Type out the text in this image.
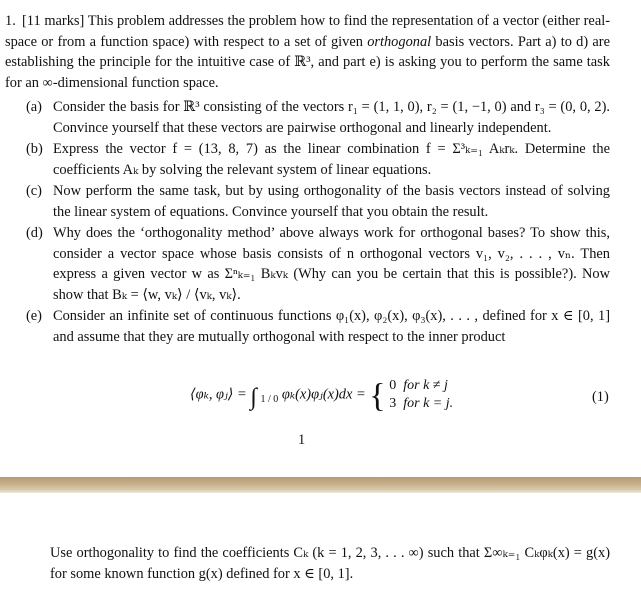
1. [11 marks] This problem addresses the problem how to find the representation of a vector (either real-space or from a function space) with respect to a set of given orthogonal basis vectors. Part a) to d) are establishing the principle for the intuitive case of ℝ³, and part e) is asking you to perform the same task for an ∞-dimensional function space.
(a) Consider the basis for ℝ³ consisting of the vectors r₁ = (1, 1, 0), r₂ = (1, −1, 0) and r₃ = (0, 0, 2). Convince yourself that these vectors are pairwise orthogonal and linearly independent.
(b) Express the vector f = (13, 8, 7) as the linear combination f = Σ³ₖ₌₁ Aₖrₖ. Determine the coefficients Aₖ by solving the relevant system of linear equations.
(c) Now perform the same task, but by using orthogonality of the basis vectors instead of solving the linear system of equations. Convince yourself that you obtain the result.
(d) Why does the ‘orthogonality method’ above always work for orthogonal bases? To show this, consider a vector space whose basis consists of n orthogonal vectors v₁, v₂, . . . , vₙ. Then express a given vector w as Σⁿₖ₌₁ Bₖvₖ (Why can you be certain that this is possible?). Now show that Bₖ = ⟨w, vₖ⟩ / ⟨vₖ, vₖ⟩.
(e) Consider an infinite set of continuous functions φ₁(x), φ₂(x), φ₃(x), . . . , defined for x ∈ [0, 1] and assume that they are mutually orthogonal with respect to the inner product
⟨φₖ, φⱼ⟩ = ∫ $_{1 / 0}$ φₖ(x)φⱼ(x)dx = { 0 for k ≠ j
3 for k = j.	(1)
1
Use orthogonality to find the coefficients Cₖ (k = 1, 2, 3, . . . ∞) such that Σ∞ₖ₌₁ Cₖφₖ(x) = g(x) for some known function g(x) defined for x ∈ [0, 1].
